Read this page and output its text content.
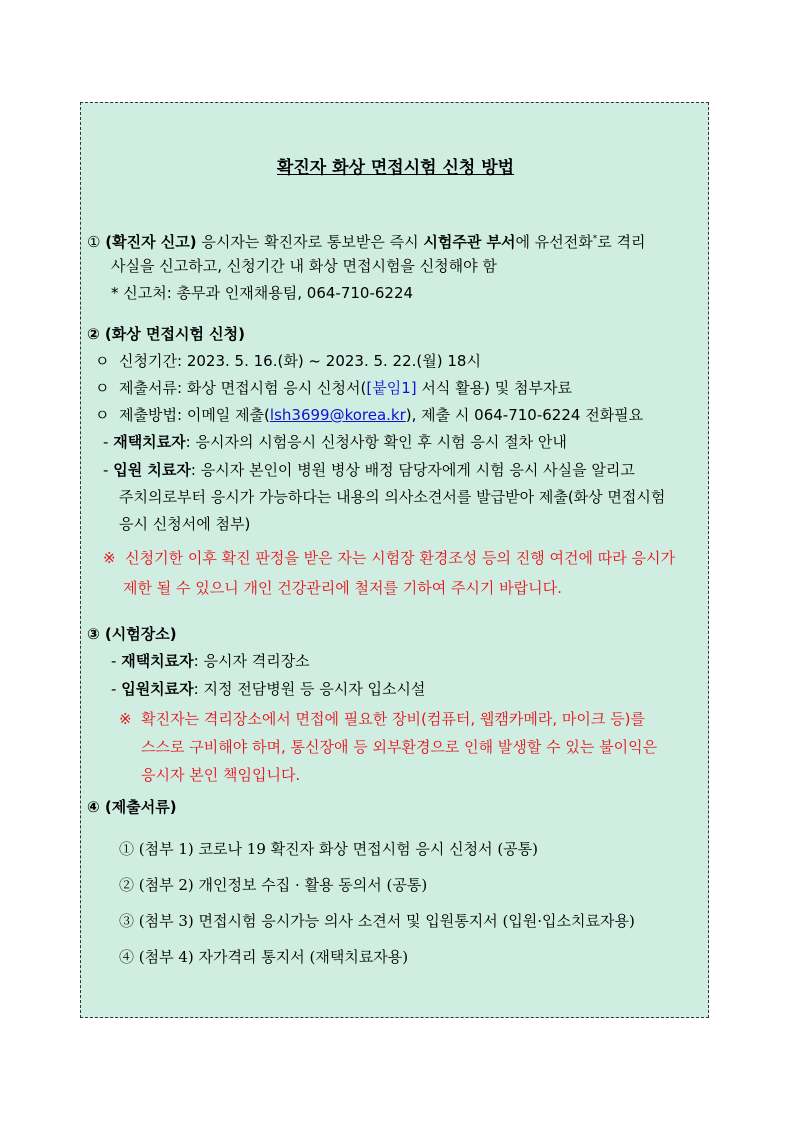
확진자 화상 면접시험 신청 방법
① (확진자 신고) 응시자는 확진자로 통보받은 즉시 시험주관 부서에 유선전화*로 격리
사실을 신고하고, 신청기간 내 화상 면접시험을 신청해야 함
* 신고처: 총무과 인재채용팀, 064-710-6224
② (화상 면접시험 신청)
ㅇ 신청기간: 2023. 5. 16.(화) ~ 2023. 5. 22.(월) 18시
ㅇ 제출서류: 화상 면접시험 응시 신청서([붙임1] 서식 활용) 및 첨부자료
ㅇ 제출방법: 이메일 제출(lsh3699@korea.kr), 제출 시 064-710-6224 전화필요
- 재택치료자: 응시자의 시험응시 신청사항 확인 후 시험 응시 절차 안내
- 입원 치료자: 응시자 본인이 병원 병상 배정 담당자에게 시험 응시 사실을 알리고
주치의로부터 응시가 가능하다는 내용의 의사소견서를 발급받아 제출(화상 면접시험
응시 신청서에 첨부)
※ 신청기한 이후 확진 판정을 받은 자는 시험장 환경조성 등의 진행 여건에 따라 응시가
제한 될 수 있으니 개인 건강관리에 철저를 기하여 주시기 바랍니다.
③ (시험장소)
- 재택치료자: 응시자 격리장소
- 입원치료자: 지정 전담병원 등 응시자 입소시설
※ 확진자는 격리장소에서 면접에 필요한 장비(컴퓨터, 웹캠카메라, 마이크 등)를
스스로 구비해야 하며, 통신장애 등 외부환경으로 인해 발생할 수 있는 불이익은
응시자 본인 책임입니다.
④ (제출서류)
① (첨부 1) 코로나 19 확진자 화상 면접시험 응시 신청서 (공통)
② (첨부 2) 개인정보 수집 · 활용 동의서 (공통)
③ (첨부 3) 면접시험 응시가능 의사 소견서 및 입원통지서 (입원·입소치료자용)
④ (첨부 4) 자가격리 통지서 (재택치료자용)
